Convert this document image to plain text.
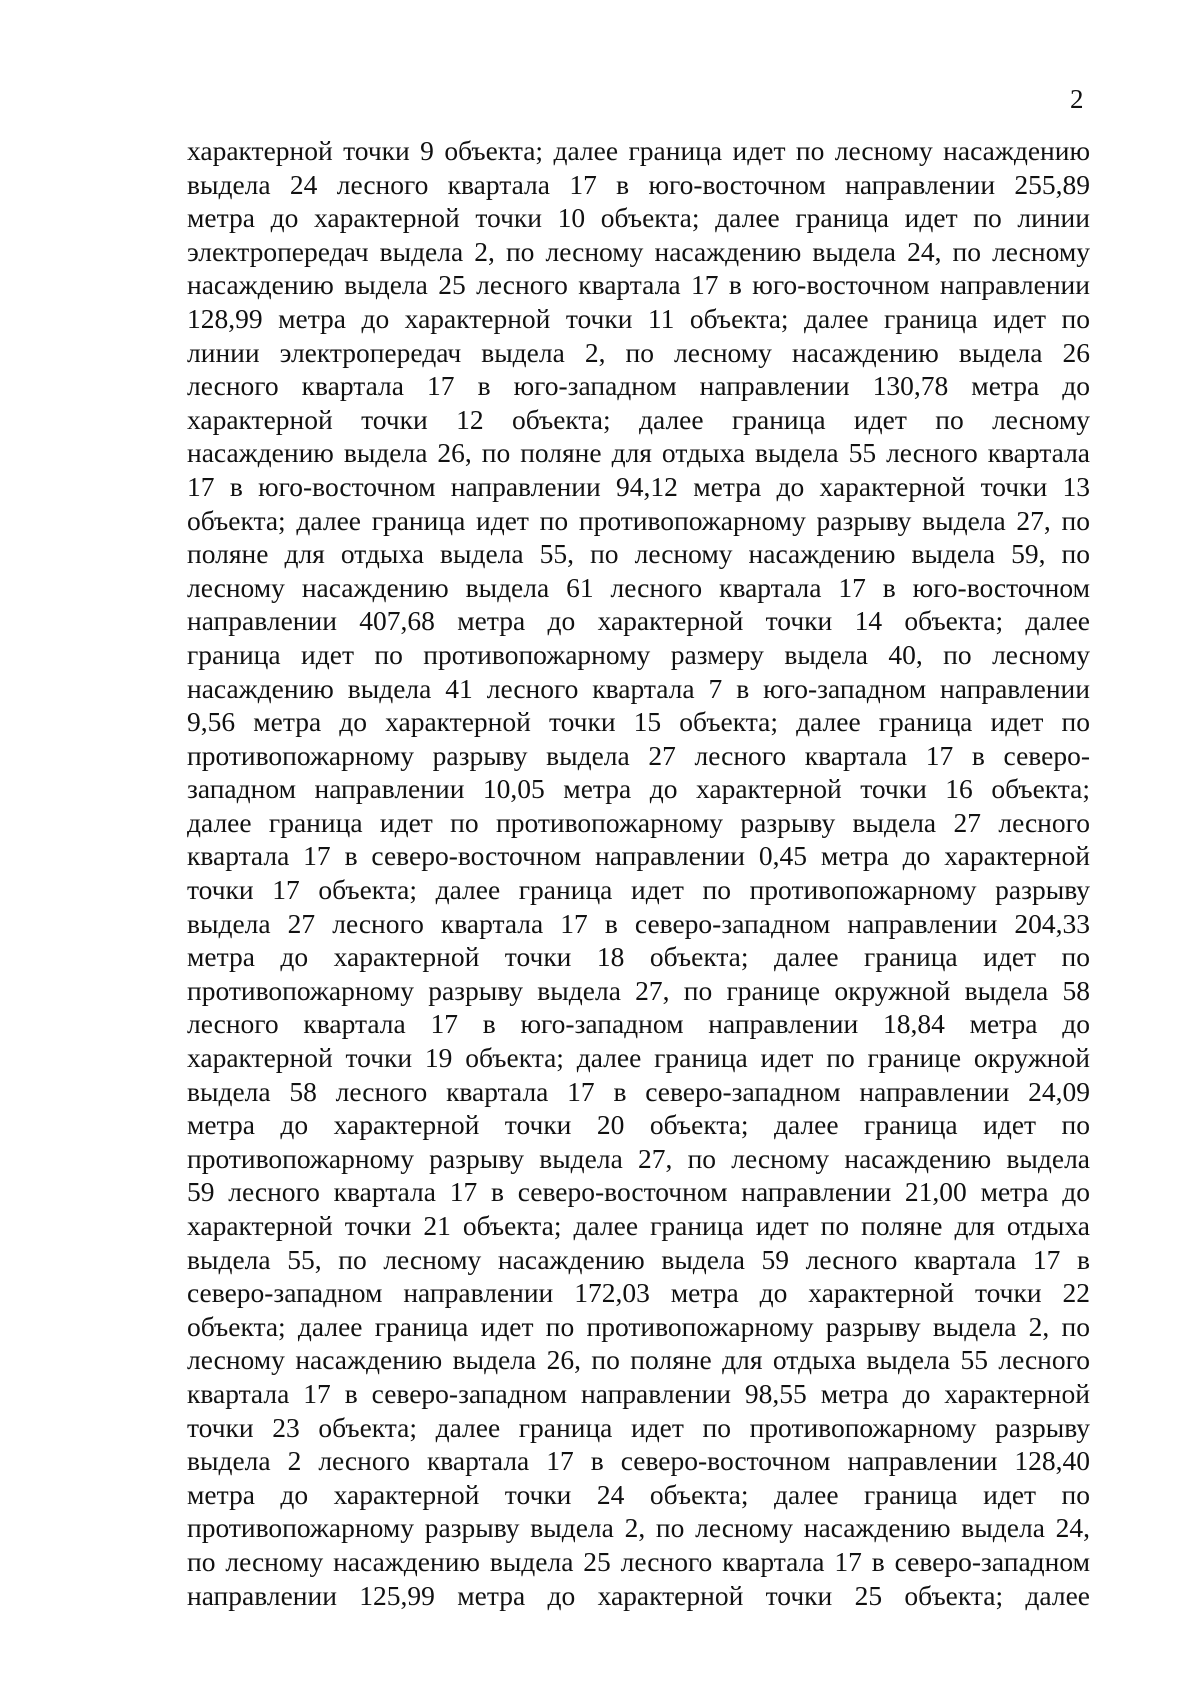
2
характерной точки 9 объекта; далее граница идет по лесному насаждению
выдела 24 лесного квартала 17 в юго-восточном направлении 255,89
метра до характерной точки 10 объекта; далее граница идет по линии
электропередач выдела 2, по лесному насаждению выдела 24, по лесному
насаждению выдела 25 лесного квартала 17 в юго-восточном направлении
128,99 метра до характерной точки 11 объекта; далее граница идет по
линии электропередач выдела 2, по лесному насаждению выдела 26
лесного квартала 17 в юго-западном направлении 130,78 метра до
характерной точки 12 объекта; далее граница идет по лесному
насаждению выдела 26, по поляне для отдыха выдела 55 лесного квартала
17 в юго-восточном направлении 94,12 метра до характерной точки 13
объекта; далее граница идет по противопожарному разрыву выдела 27, по
поляне для отдыха выдела 55, по лесному насаждению выдела 59, по
лесному насаждению выдела 61 лесного квартала 17 в юго-восточном
направлении 407,68 метра до характерной точки 14 объекта; далее
граница идет по противопожарному размеру выдела 40, по лесному
насаждению выдела 41 лесного квартала 7 в юго-западном направлении
9,56 метра до характерной точки 15 объекта; далее граница идет по
противопожарному разрыву выдела 27 лесного квартала 17 в северо-
западном направлении 10,05 метра до характерной точки 16 объекта;
далее граница идет по противопожарному разрыву выдела 27 лесного
квартала 17 в северо-восточном направлении 0,45 метра до характерной
точки 17 объекта; далее граница идет по противопожарному разрыву
выдела 27 лесного квартала 17 в северо-западном направлении 204,33
метра до характерной точки 18 объекта; далее граница идет по
противопожарному разрыву выдела 27, по границе окружной выдела 58
лесного квартала 17 в юго-западном направлении 18,84 метра до
характерной точки 19 объекта; далее граница идет по границе окружной
выдела 58 лесного квартала 17 в северо-западном направлении 24,09
метра до характерной точки 20 объекта; далее граница идет по
противопожарному разрыву выдела 27, по лесному насаждению выдела
59 лесного квартала 17 в северо-восточном направлении 21,00 метра до
характерной точки 21 объекта; далее граница идет по поляне для отдыха
выдела 55, по лесному насаждению выдела 59 лесного квартала 17 в
северо-западном направлении 172,03 метра до характерной точки 22
объекта; далее граница идет по противопожарному разрыву выдела 2, по
лесному насаждению выдела 26, по поляне для отдыха выдела 55 лесного
квартала 17 в северо-западном направлении 98,55 метра до характерной
точки 23 объекта; далее граница идет по противопожарному разрыву
выдела 2 лесного квартала 17 в северо-восточном направлении 128,40
метра до характерной точки 24 объекта; далее граница идет по
противопожарному разрыву выдела 2, по лесному насаждению выдела 24,
по лесному насаждению выдела 25 лесного квартала 17 в северо-западном
направлении 125,99 метра до характерной точки 25 объекта; далее
